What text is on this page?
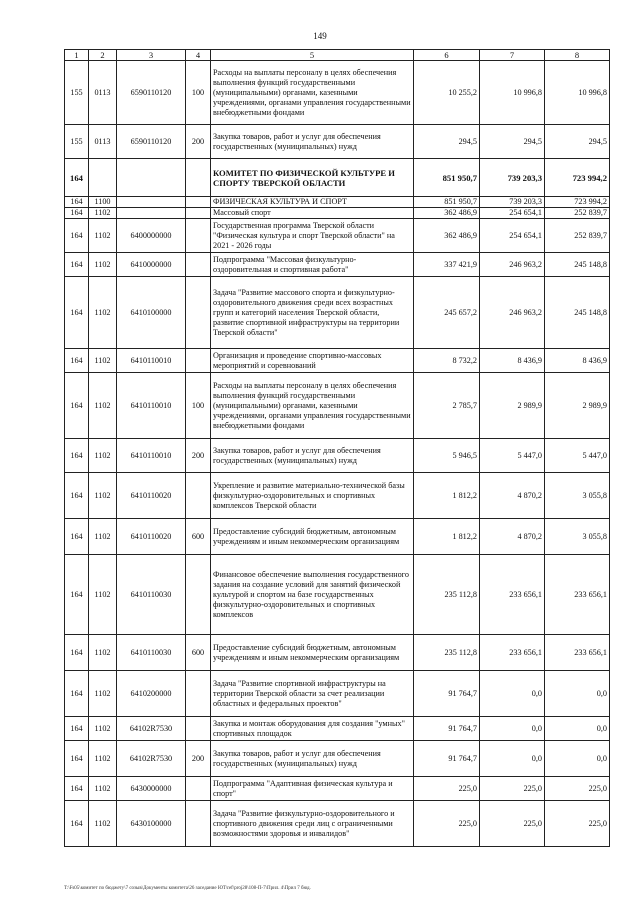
149
1	2	3	4	5	6	7	8
155	0113	6590110120	100	Расходы на выплаты персоналу в целях обеспечения выполнения функций государственными (муниципальными) органами, казенными учреждениями, органами управления государственными внебюджетными фондами	10 255,2	10 996,8	10 996,8
155	0113	6590110120	200	Закупка товаров, работ и услуг для обеспечения государственных (муниципальных) нужд	294,5	294,5	294,5
164				КОМИТЕТ ПО ФИЗИЧЕСКОЙ КУЛЬТУРЕ И СПОРТУ ТВЕРСКОЙ ОБЛАСТИ	851 950,7	739 203,3	723 994,2
164	1100			ФИЗИЧЕСКАЯ КУЛЬТУРА И СПОРТ	851 950,7	739 203,3	723 994,2
164	1102			Массовый спорт	362 486,9	254 654,1	252 839,7
164	1102	6400000000		Государственная программа Тверской области "Физическая культура и спорт Тверской области" на 2021 - 2026 годы	362 486,9	254 654,1	252 839,7
164	1102	6410000000		Подпрограмма "Массовая физкультурно-оздоровительная и спортивная работа"	337 421,9	246 963,2	245 148,8
164	1102	6410100000		Задача "Развитие массового спорта и физкультурно-оздоровительного движения среди всех возрастных групп и категорий населения Тверской области, развитие спортивной инфраструктуры на территории Тверской области"	245 657,2	246 963,2	245 148,8
164	1102	6410110010		Организация и проведение спортивно-массовых мероприятий и соревнований	8 732,2	8 436,9	8 436,9
164	1102	6410110010	100	Расходы на выплаты персоналу в целях обеспечения выполнения функций государственными (муниципальными) органами, казенными учреждениями, органами управления государственными внебюджетными фондами	2 785,7	2 989,9	2 989,9
164	1102	6410110010	200	Закупка товаров, работ и услуг для обеспечения государственных (муниципальных) нужд	5 946,5	5 447,0	5 447,0
164	1102	6410110020		Укрепление и развитие материально-технической базы физкультурно-оздоровительных и спортивных комплексов Тверской области	1 812,2	4 870,2	3 055,8
164	1102	6410110020	600	Предоставление субсидий бюджетным, автономным учреждениям и иным некоммерческим организациям	1 812,2	4 870,2	3 055,8
164	1102	6410110030		Финансовое обеспечение выполнения государственного задания на создание условий для занятий физической культурой и спортом на базе государственных физкультурно-оздоровительных и спортивных комплексов	235 112,8	233 656,1	233 656,1
164	1102	6410110030	600	Предоставление субсидий бюджетным, автономным учреждениям и иным некоммерческим организациям	235 112,8	233 656,1	233 656,1
164	1102	6410200000		Задача "Развитие спортивной инфраструктуры на территории Тверской области за счет реализации областных и федеральных проектов"	91 764,7	0,0	0,0
164	1102	64102R7530		Закупка и монтаж оборудования для создания "умных" спортивных площадок	91 764,7	0,0	0,0
164	1102	64102R7530	200	Закупка товаров, работ и услуг для обеспечения государственных (муниципальных) нужд	91 764,7	0,0	0,0
164	1102	6430000000		Подпрограмма "Адаптивная физическая культура и спорт"	225,0	225,0	225,0
164	1102	6430100000		Задача "Развитие физкультурно-оздоровительного и спортивного движения среди лиц с ограниченными возможностями здоровья и инвалидов"	225,0	225,0	225,0
T:\Fs05\комитет по бюджету\7 созыв\Документы комитета\26 заседание ЮТ\ref\proj28\108-П-7\Прил. 4\Прил 7 бюд.
